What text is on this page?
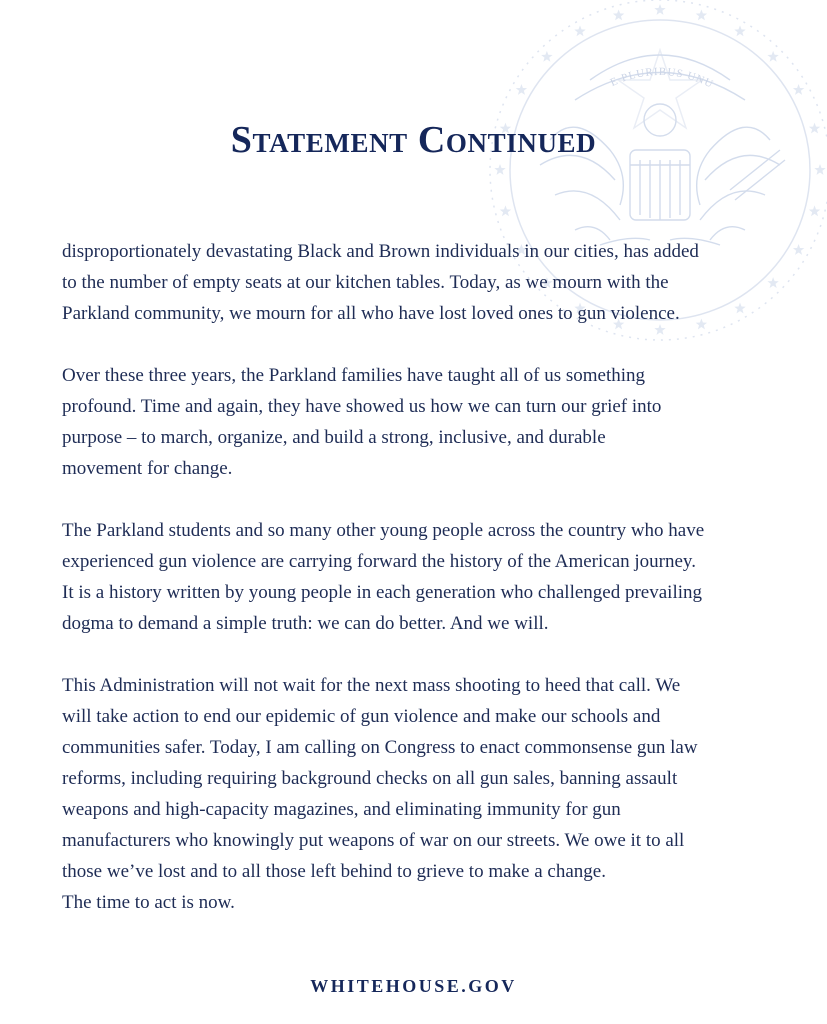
E PLURIBUS UNU
Statement Continued

disproportionately devastating Black and Brown individuals in our cities, has added
to the number of empty seats at our kitchen tables. Today, as we mourn with the
Parkland community, we mourn for all who have lost loved ones to gun violence.

Over these three years, the Parkland families have taught all of us something
profound. Time and again, they have showed us how we can turn our grief into
purpose – to march, organize, and build a strong, inclusive, and durable
movement for change.

The Parkland students and so many other young people across the country who have
experienced gun violence are carrying forward the history of the American journey.
It is a history written by young people in each generation who challenged prevailing
dogma to demand a simple truth: we can do better. And we will.

This Administration will not wait for the next mass shooting to heed that call. We
will take action to end our epidemic of gun violence and make our schools and
communities safer. Today, I am calling on Congress to enact commonsense gun law
reforms, including requiring background checks on all gun sales, banning assault
weapons and high-capacity magazines, and eliminating immunity for gun
manufacturers who knowingly put weapons of war on our streets. We owe it to all
those we’ve lost and to all those left behind to grieve to make a change.
The time to act is now.

WHITEHOUSE.GOV
